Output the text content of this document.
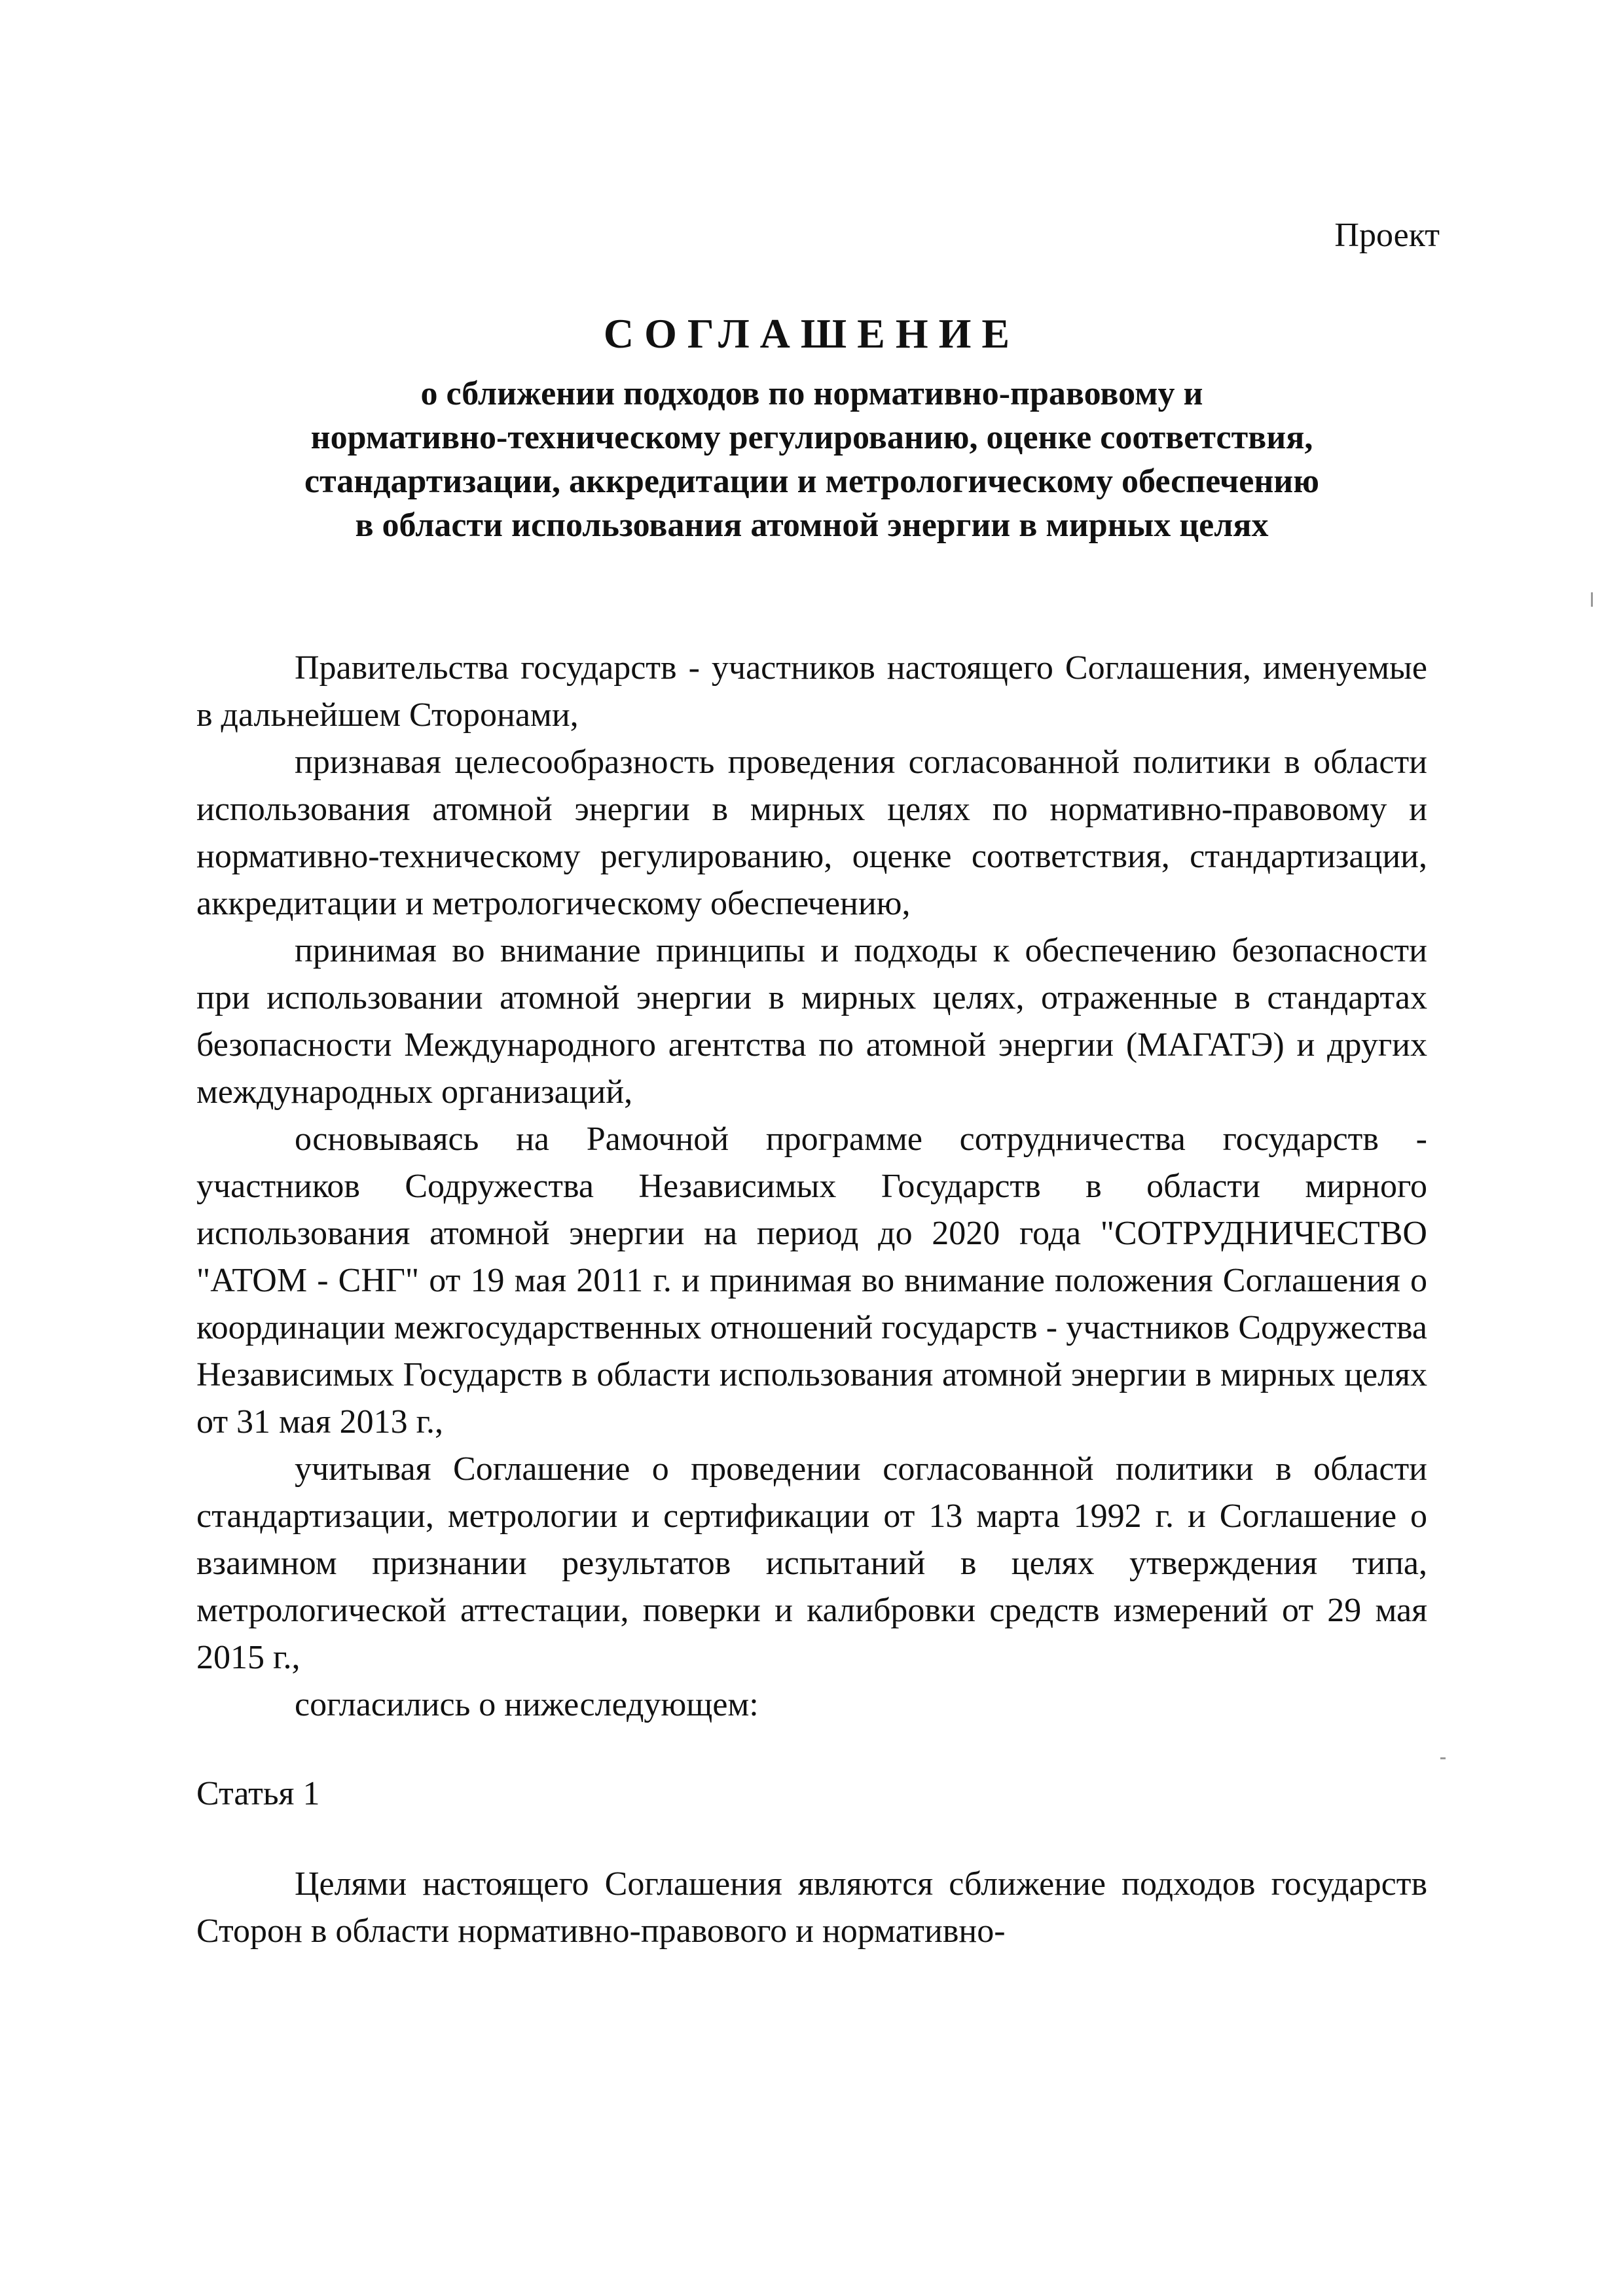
Проект
СОГЛАШЕНИЕ
о сближении подходов по нормативно-правовому и
нормативно-техническому регулированию, оценке соответствия,
стандартизации, аккредитации и метрологическому обеспечению
в области использования атомной энергии в мирных целях

Правительства государств - участников настоящего Соглашения, именуемые в дальнейшем Сторонами,

признавая целесообразность проведения согласованной политики в области использования атомной энергии в мирных целях по нормативно-правовому и нормативно-техническому регулированию, оценке соответствия, стандартизации, аккредитации и метрологическому обеспечению,

принимая во внимание принципы и подходы к обеспечению безопасности при использовании атомной энергии в мирных целях, отраженные в стандартах безопасности Международного агентства по атомной энергии (МАГАТЭ) и других международных организаций,

основываясь на Рамочной программе сотрудничества государств - участников Содружества Независимых Государств в области мирного использования атомной энергии на период до 2020 года "СОТРУДНИЧЕСТВО "АТОМ - СНГ" от 19 мая 2011 г. и принимая во внимание положения Соглашения о координации межгосударственных отношений государств - участников Содружества Независимых Государств в области использования атомной энергии в мирных целях от 31 мая 2013 г.,

учитывая Соглашение о проведении согласованной политики в области стандартизации, метрологии и сертификации от 13 марта 1992 г. и Соглашение о взаимном признании результатов испытаний в целях утверждения типа, метрологической аттестации, поверки и калибровки средств измерений от 29 мая 2015 г.,

согласились о нижеследующем:

Статья 1

Целями настоящего Соглашения являются сближение подходов государств Сторон в области нормативно-правового и нормативно-
